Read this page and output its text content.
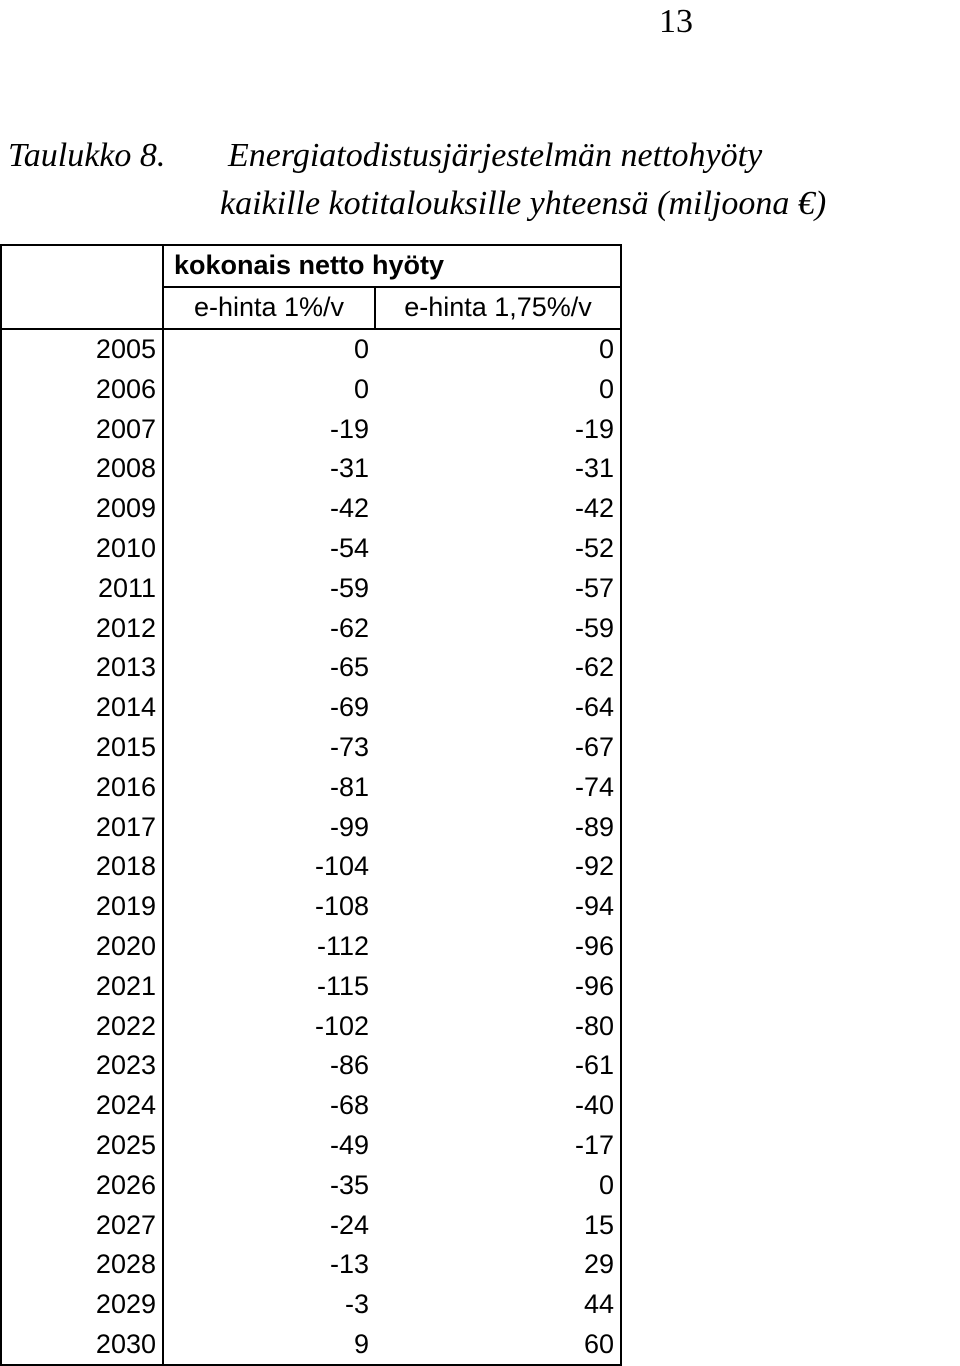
13
Taulukko 8. Energiatodistusjärjestelmän nettohyöty
kaikille kotitalouksille yhteensä (miljoona €)
	kokonais netto hyöty	
	e-hinta 1%/v	e-hinta 1,75%/v
2005	0	0
2006	0	0
2007	-19	-19
2008	-31	-31
2009	-42	-42
2010	-54	-52
2011	-59	-57
2012	-62	-59
2013	-65	-62
2014	-69	-64
2015	-73	-67
2016	-81	-74
2017	-99	-89
2018	-104	-92
2019	-108	-94
2020	-112	-96
2021	-115	-96
2022	-102	-80
2023	-86	-61
2024	-68	-40
2025	-49	-17
2026	-35	0
2027	-24	15
2028	-13	29
2029	-3	44
2030	9	60
